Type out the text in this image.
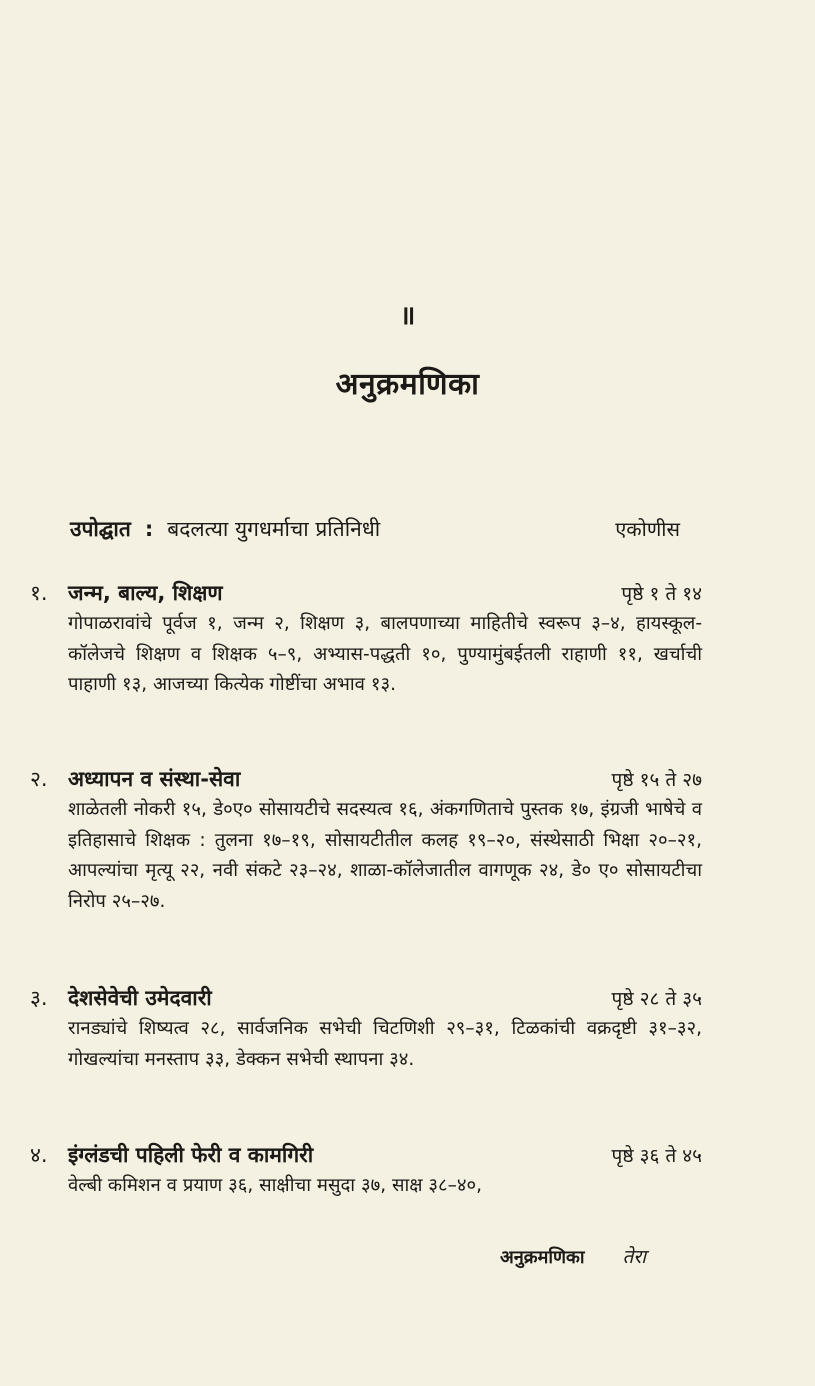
॥
अनुक्रमणिका
उपोद्घात : बदलत्या युगधर्माचा प्रतिनिधी	एकोणीस
१. जन्म, बाल्य, शिक्षण	पृष्ठे १ ते १४
गोपाळरावांचे पूर्वज १, जन्म २, शिक्षण ३, बालपणाच्या माहितीचे स्वरूप ३–४, हायस्कूल-कॉलेजचे शिक्षण व शिक्षक ५–९, अभ्यास-पद्धती १०, पुण्यामुंबईतली राहाणी ११, खर्चाची पाहाणी १३, आजच्या कित्येक गोष्टींचा अभाव १३.
२. अध्यापन व संस्था-सेवा	पृष्ठे १५ ते २७
शाळेतली नोकरी १५, डे०ए० सोसायटीचे सदस्यत्व १६, अंकगणिताचे पुस्तक १७, इंग्रजी भाषेचे व इतिहासाचे शिक्षक : तुलना १७–१९, सोसायटीतील कलह १९–२०, संस्थेसाठी भिक्षा २०–२१, आपल्यांचा मृत्यू २२, नवी संकटे २३–२४, शाळा-कॉलेजातील वागणूक २४, डे० ए० सोसायटीचा निरोप २५–२७.
३. देशसेवेची उमेदवारी	पृष्ठे २८ ते ३५
रानड्यांचे शिष्यत्व २८, सार्वजनिक सभेची चिटणिशी २९–३१, टिळकांची वक्रदृष्टी ३१–३२, गोखल्यांचा मनस्ताप ३३, डेक्कन सभेची स्थापना ३४.
४. इंग्लंडची पहिली फेरी व कामगिरी	पृष्ठे ३६ ते ४५
वेल्बी कमिशन व प्रयाण ३६, साक्षीचा मसुदा ३७, साक्ष ३८–४०,
अनुक्रमणिका तेरा
